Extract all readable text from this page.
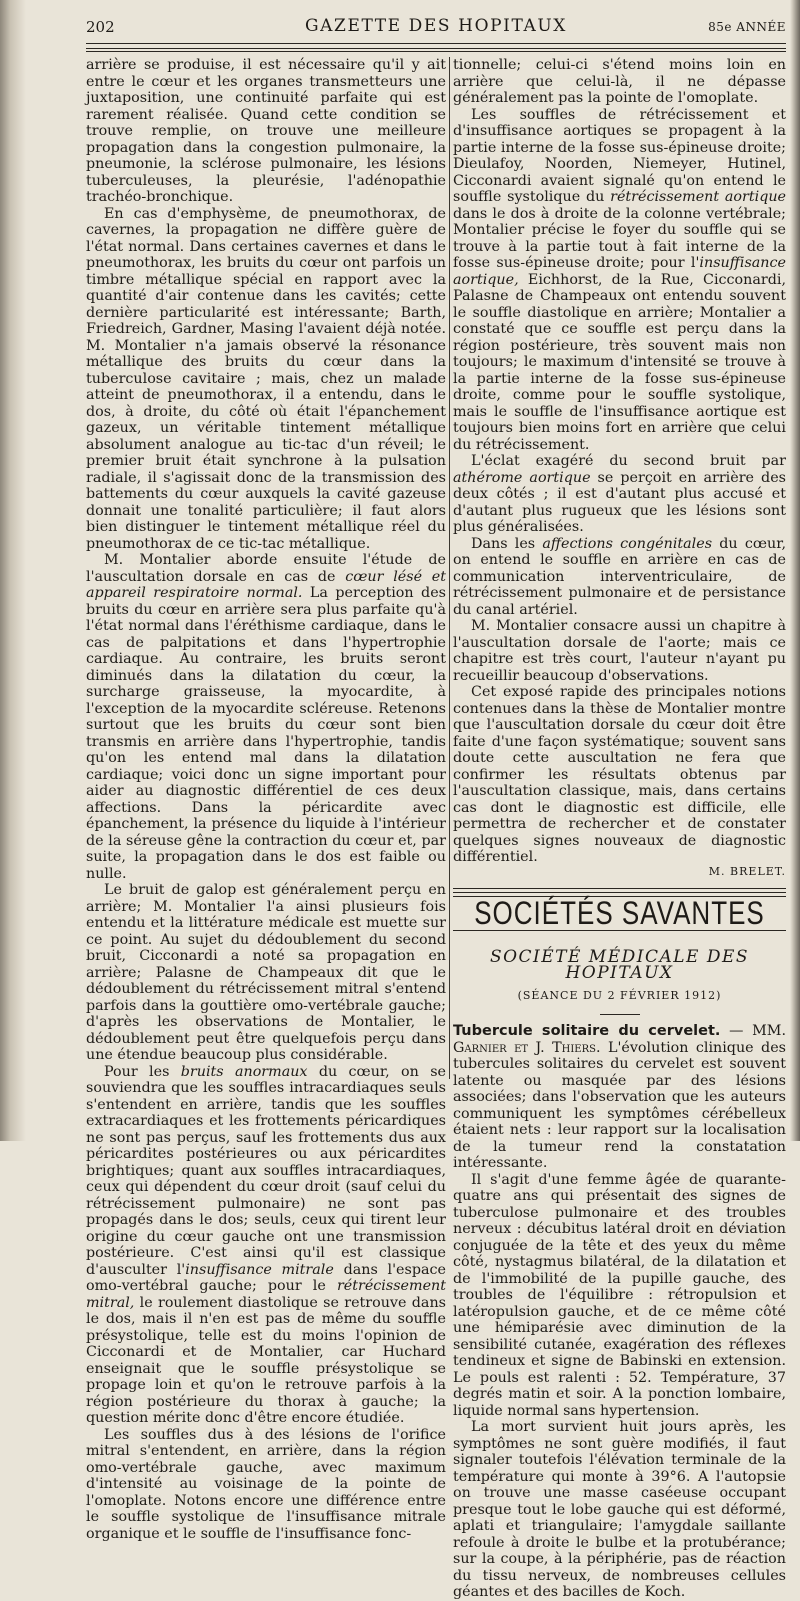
202	GAZETTE DES HOPITAUX	85e ANNÉE

arrière se produise, il est nécessaire qu'il y ait entre le cœur et les organes transmetteurs une juxtaposition, une continuité parfaite qui est rarement réalisée. Quand cette condition se trouve remplie, on trouve une meilleure propagation dans la congestion pulmonaire, la pneumonie, la sclérose pulmonaire, les lésions tuberculeuses, la pleurésie, l'adénopathie trachéo-bronchique.

En cas d'emphysème, de pneumothorax, de cavernes, la propagation ne diffère guère de l'état normal. Dans certaines cavernes et dans le pneumothorax, les bruits du cœur ont parfois un timbre métallique spécial en rapport avec la quantité d'air contenue dans les cavités; cette dernière particularité est intéressante; Barth, Friedreich, Gardner, Masing l'avaient déjà notée. M. Montalier n'a jamais observé la résonance métallique des bruits du cœur dans la tuberculose cavitaire ; mais, chez un malade atteint de pneumothorax, il a entendu, dans le dos, à droite, du côté où était l'épanchement gazeux, un véritable tintement métallique absolument analogue au tic-tac d'un réveil; le premier bruit était synchrone à la pulsation radiale, il s'agissait donc de la transmission des battements du cœur auxquels la cavité gazeuse donnait une tonalité particulière; il faut alors bien distinguer le tintement métallique réel du pneumothorax de ce tic-tac métallique.

M. Montalier aborde ensuite l'étude de l'auscultation dorsale en cas de cœur lésé et appareil respiratoire normal. La perception des bruits du cœur en arrière sera plus parfaite qu'à l'état normal dans l'éréthisme cardiaque, dans le cas de palpitations et dans l'hypertrophie cardiaque. Au contraire, les bruits seront diminués dans la dilatation du cœur, la surcharge graisseuse, la myocardite, à l'exception de la myocardite scléreuse. Retenons surtout que les bruits du cœur sont bien transmis en arrière dans l'hypertrophie, tandis qu'on les entend mal dans la dilatation cardiaque; voici donc un signe important pour aider au diagnostic différentiel de ces deux affections. Dans la péricardite avec épanchement, la présence du liquide à l'intérieur de la séreuse gêne la contraction du cœur et, par suite, la propagation dans le dos est faible ou nulle.

Le bruit de galop est généralement perçu en arrière; M. Montalier l'a ainsi plusieurs fois entendu et la littérature médicale est muette sur ce point. Au sujet du dédoublement du second bruit, Cicconardi a noté sa propagation en arrière; Palasne de Champeaux dit que le dédoublement du rétrécissement mitral s'entend parfois dans la gouttière omo-vertébrale gauche; d'après les observations de Montalier, le dédoublement peut être quelquefois perçu dans une étendue beaucoup plus considérable.

Pour les bruits anormaux du cœur, on se souviendra que les souffles intracardiaques seuls s'entendent en arrière, tandis que les souffles extracardiaques et les frottements péricardiques ne sont pas perçus, sauf les frottements dus aux péricardites postérieures ou aux péricardites brightiques; quant aux souffles intracardiaques, ceux qui dépendent du cœur droit (sauf celui du rétrécissement pulmonaire) ne sont pas propagés dans le dos; seuls, ceux qui tirent leur origine du cœur gauche ont une transmission postérieure. C'est ainsi qu'il est classique d'ausculter l'insuffisance mitrale dans l'espace omo-vertébral gauche; pour le rétrécissement mitral, le roulement diastolique se retrouve dans le dos, mais il n'en est pas de même du souffle présystolique, telle est du moins l'opinion de Cicconardi et de Montalier, car Huchard enseignait que le souffle présystolique se propage loin et qu'on le retrouve parfois à la région postérieure du thorax à gauche; la question mérite donc d'être encore étudiée.

Les souffles dus à des lésions de l'orifice mitral s'entendent, en arrière, dans la région omo-vertébrale gauche, avec maximum d'intensité au voisinage de la pointe de l'omoplate. Notons encore une différence entre le souffle systolique de l'insuffisance mitrale organique et le souffle de l'insuffisance fonc-

tionnelle; celui-ci s'étend moins loin en arrière que celui-là, il ne dépasse généralement pas la pointe de l'omoplate.

Les souffles de rétrécissement et d'insuffisance aortiques se propagent à la partie interne de la fosse sus-épineuse droite; Dieulafoy, Noorden, Niemeyer, Hutinel, Cicconardi avaient signalé qu'on entend le souffle systolique du rétrécissement aortique dans le dos à droite de la colonne vertébrale; Montalier précise le foyer du souffle qui se trouve à la partie tout à fait interne de la fosse sus-épineuse droite; pour l'insuffisance aortique, Eichhorst, de la Rue, Cicconardi, Palasne de Champeaux ont entendu souvent le souffle diastolique en arrière; Montalier a constaté que ce souffle est perçu dans la région postérieure, très souvent mais non toujours; le maximum d'intensité se trouve à la partie interne de la fosse sus-épineuse droite, comme pour le souffle systolique, mais le souffle de l'insuffisance aortique est toujours bien moins fort en arrière que celui du rétrécissement.

L'éclat exagéré du second bruit par athérome aortique se perçoit en arrière des deux côtés ; il est d'autant plus accusé et d'autant plus rugueux que les lésions sont plus généralisées.

Dans les affections congénitales du cœur, on entend le souffle en arrière en cas de communication interventriculaire, de rétrécissement pulmonaire et de persistance du canal artériel.

M. Montalier consacre aussi un chapitre à l'auscultation dorsale de l'aorte; mais ce chapitre est très court, l'auteur n'ayant pu recueillir beaucoup d'observations.

Cet exposé rapide des principales notions contenues dans la thèse de Montalier montre que l'auscultation dorsale du cœur doit être faite d'une façon systématique; souvent sans doute cette auscultation ne fera que confirmer les résultats obtenus par l'auscultation classique, mais, dans certains cas dont le diagnostic est difficile, elle permettra de rechercher et de constater quelques signes nouveaux de diagnostic différentiel.

M. BRELET.
SOCIÉTÉS SAVANTES
SOCIÉTÉ MÉDICALE DES HOPITAUX
(SÉANCE DU 2 FÉVRIER 1912)

Tubercule solitaire du cervelet. — MM. Garnier et J. Thiers. L'évolution clinique des tubercules solitaires du cervelet est souvent latente ou masquée par des lésions associées; dans l'observation que les auteurs communiquent les symptômes cérébelleux étaient nets : leur rapport sur la localisation de la tumeur rend la constatation intéressante.

Il s'agit d'une femme âgée de quarante-quatre ans qui présentait des signes de tuberculose pulmonaire et des troubles nerveux : décubitus latéral droit en déviation conjuguée de la tête et des yeux du même côté, nystagmus bilatéral, de la dilatation et de l'immobilité de la pupille gauche, des troubles de l'équilibre : rétropulsion et latéropulsion gauche, et de ce même côté une hémiparésie avec diminution de la sensibilité cutanée, exagération des réflexes tendineux et signe de Babinski en extension. Le pouls est ralenti : 52. Température, 37 degrés matin et soir. A la ponction lombaire, liquide normal sans hypertension.

La mort survient huit jours après, les symptômes ne sont guère modifiés, il faut signaler toutefois l'élévation terminale de la température qui monte à 39°6. A l'autopsie on trouve une masse caséeuse occupant presque tout le lobe gauche qui est déformé, aplati et triangulaire; l'amygdale saillante refoule à droite le bulbe et la protubérance; sur la coupe, à la périphérie, pas de réaction du tissu nerveux, de nombreuses cellules géantes et des bacilles de Koch.
